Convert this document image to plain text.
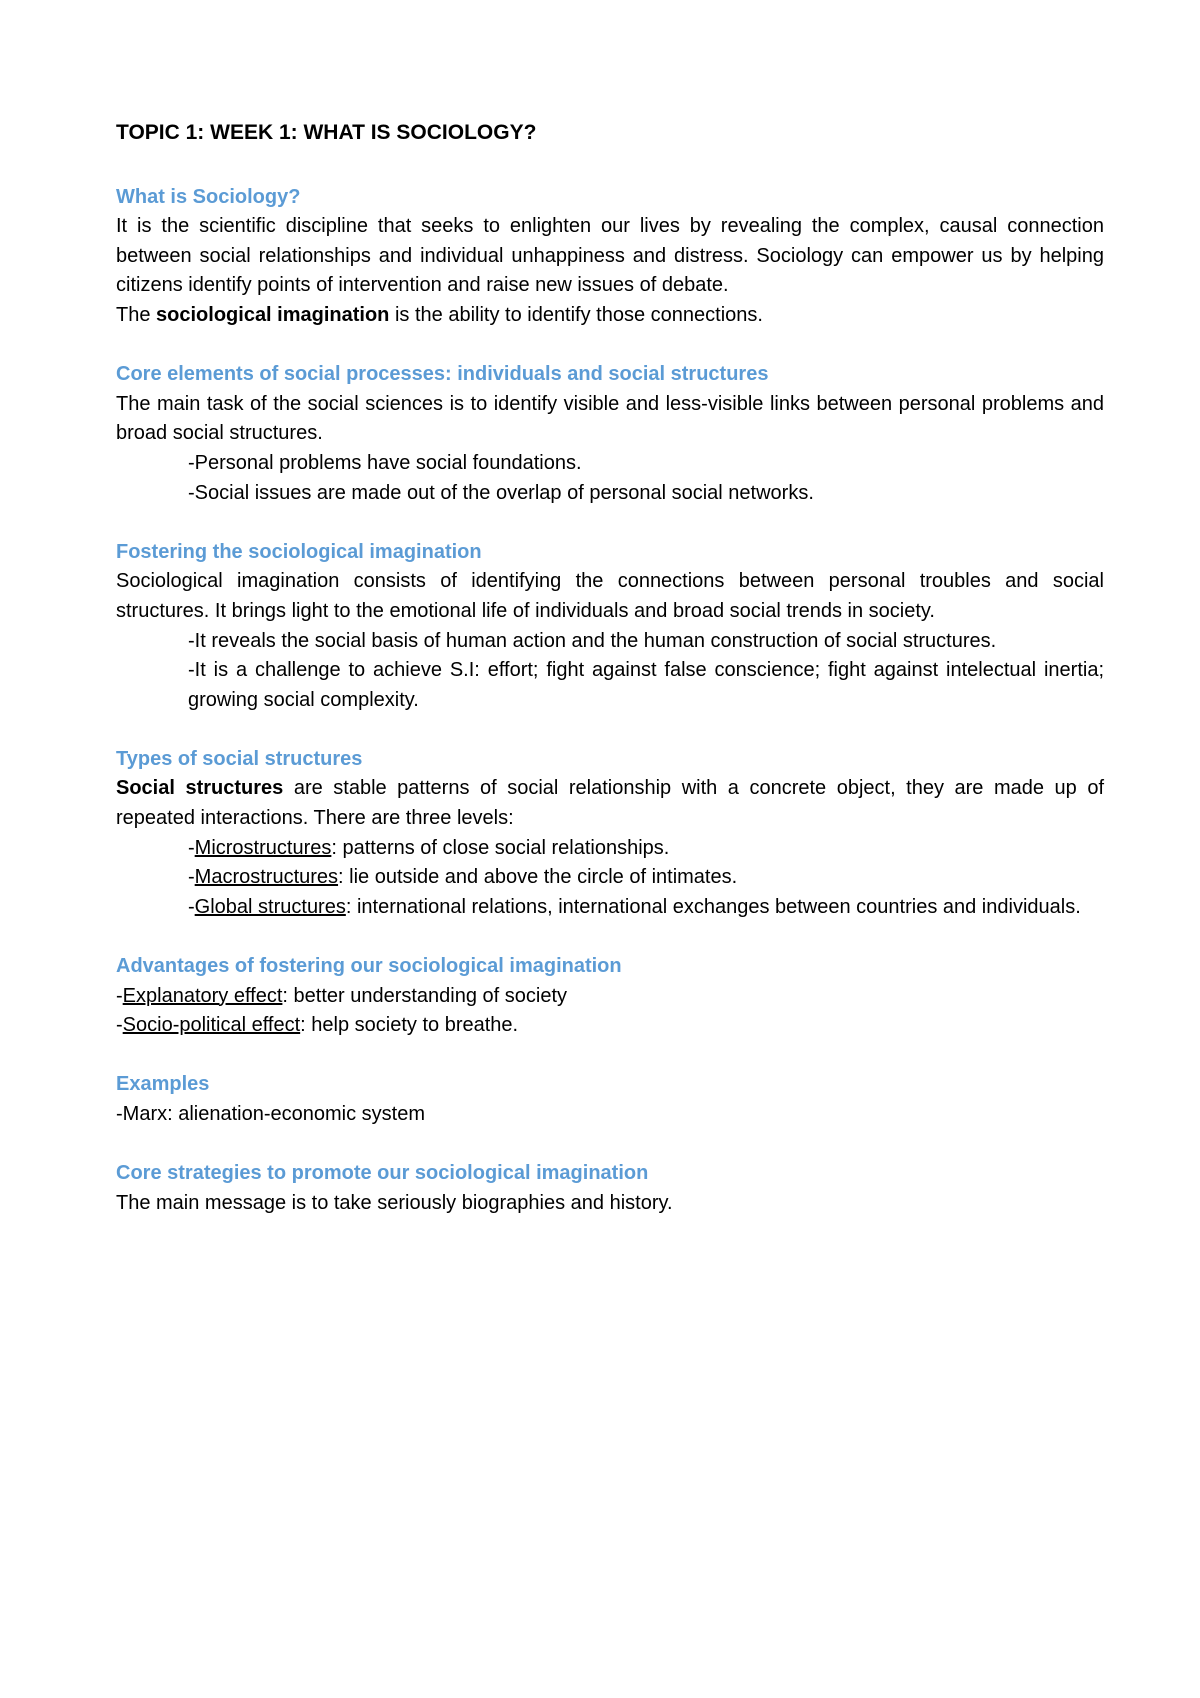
TOPIC 1: WEEK 1: WHAT IS SOCIOLOGY?
What is Sociology?
It is the scientific discipline that seeks to enlighten our lives by revealing the complex, causal connection between social relationships and individual unhappiness and distress. Sociology can empower us by helping citizens identify points of intervention and raise new issues of debate.
The sociological imagination is the ability to identify those connections.
Core elements of social processes: individuals and social structures
The main task of the social sciences is to identify visible and less-visible links between personal problems and broad social structures.
-Personal problems have social foundations.
-Social issues are made out of the overlap of personal social networks.
Fostering the sociological imagination
Sociological imagination consists of identifying the connections between personal troubles and social structures. It brings light to the emotional life of individuals and broad social trends in society.
-It reveals the social basis of human action and the human construction of social structures.
-It is a challenge to achieve S.I: effort; fight against false conscience; fight against intelectual inertia; growing social complexity.
Types of social structures
Social structures are stable patterns of social relationship with a concrete object, they are made up of repeated interactions. There are three levels:
-Microstructures: patterns of close social relationships.
-Macrostructures: lie outside and above the circle of intimates.
-Global structures: international relations, international exchanges between countries and individuals.
Advantages of fostering our sociological imagination
-Explanatory effect: better understanding of society
-Socio-political effect: help society to breathe.
Examples
-Marx: alienation-economic system
Core strategies to promote our sociological imagination
The main message is to take seriously biographies and history.
